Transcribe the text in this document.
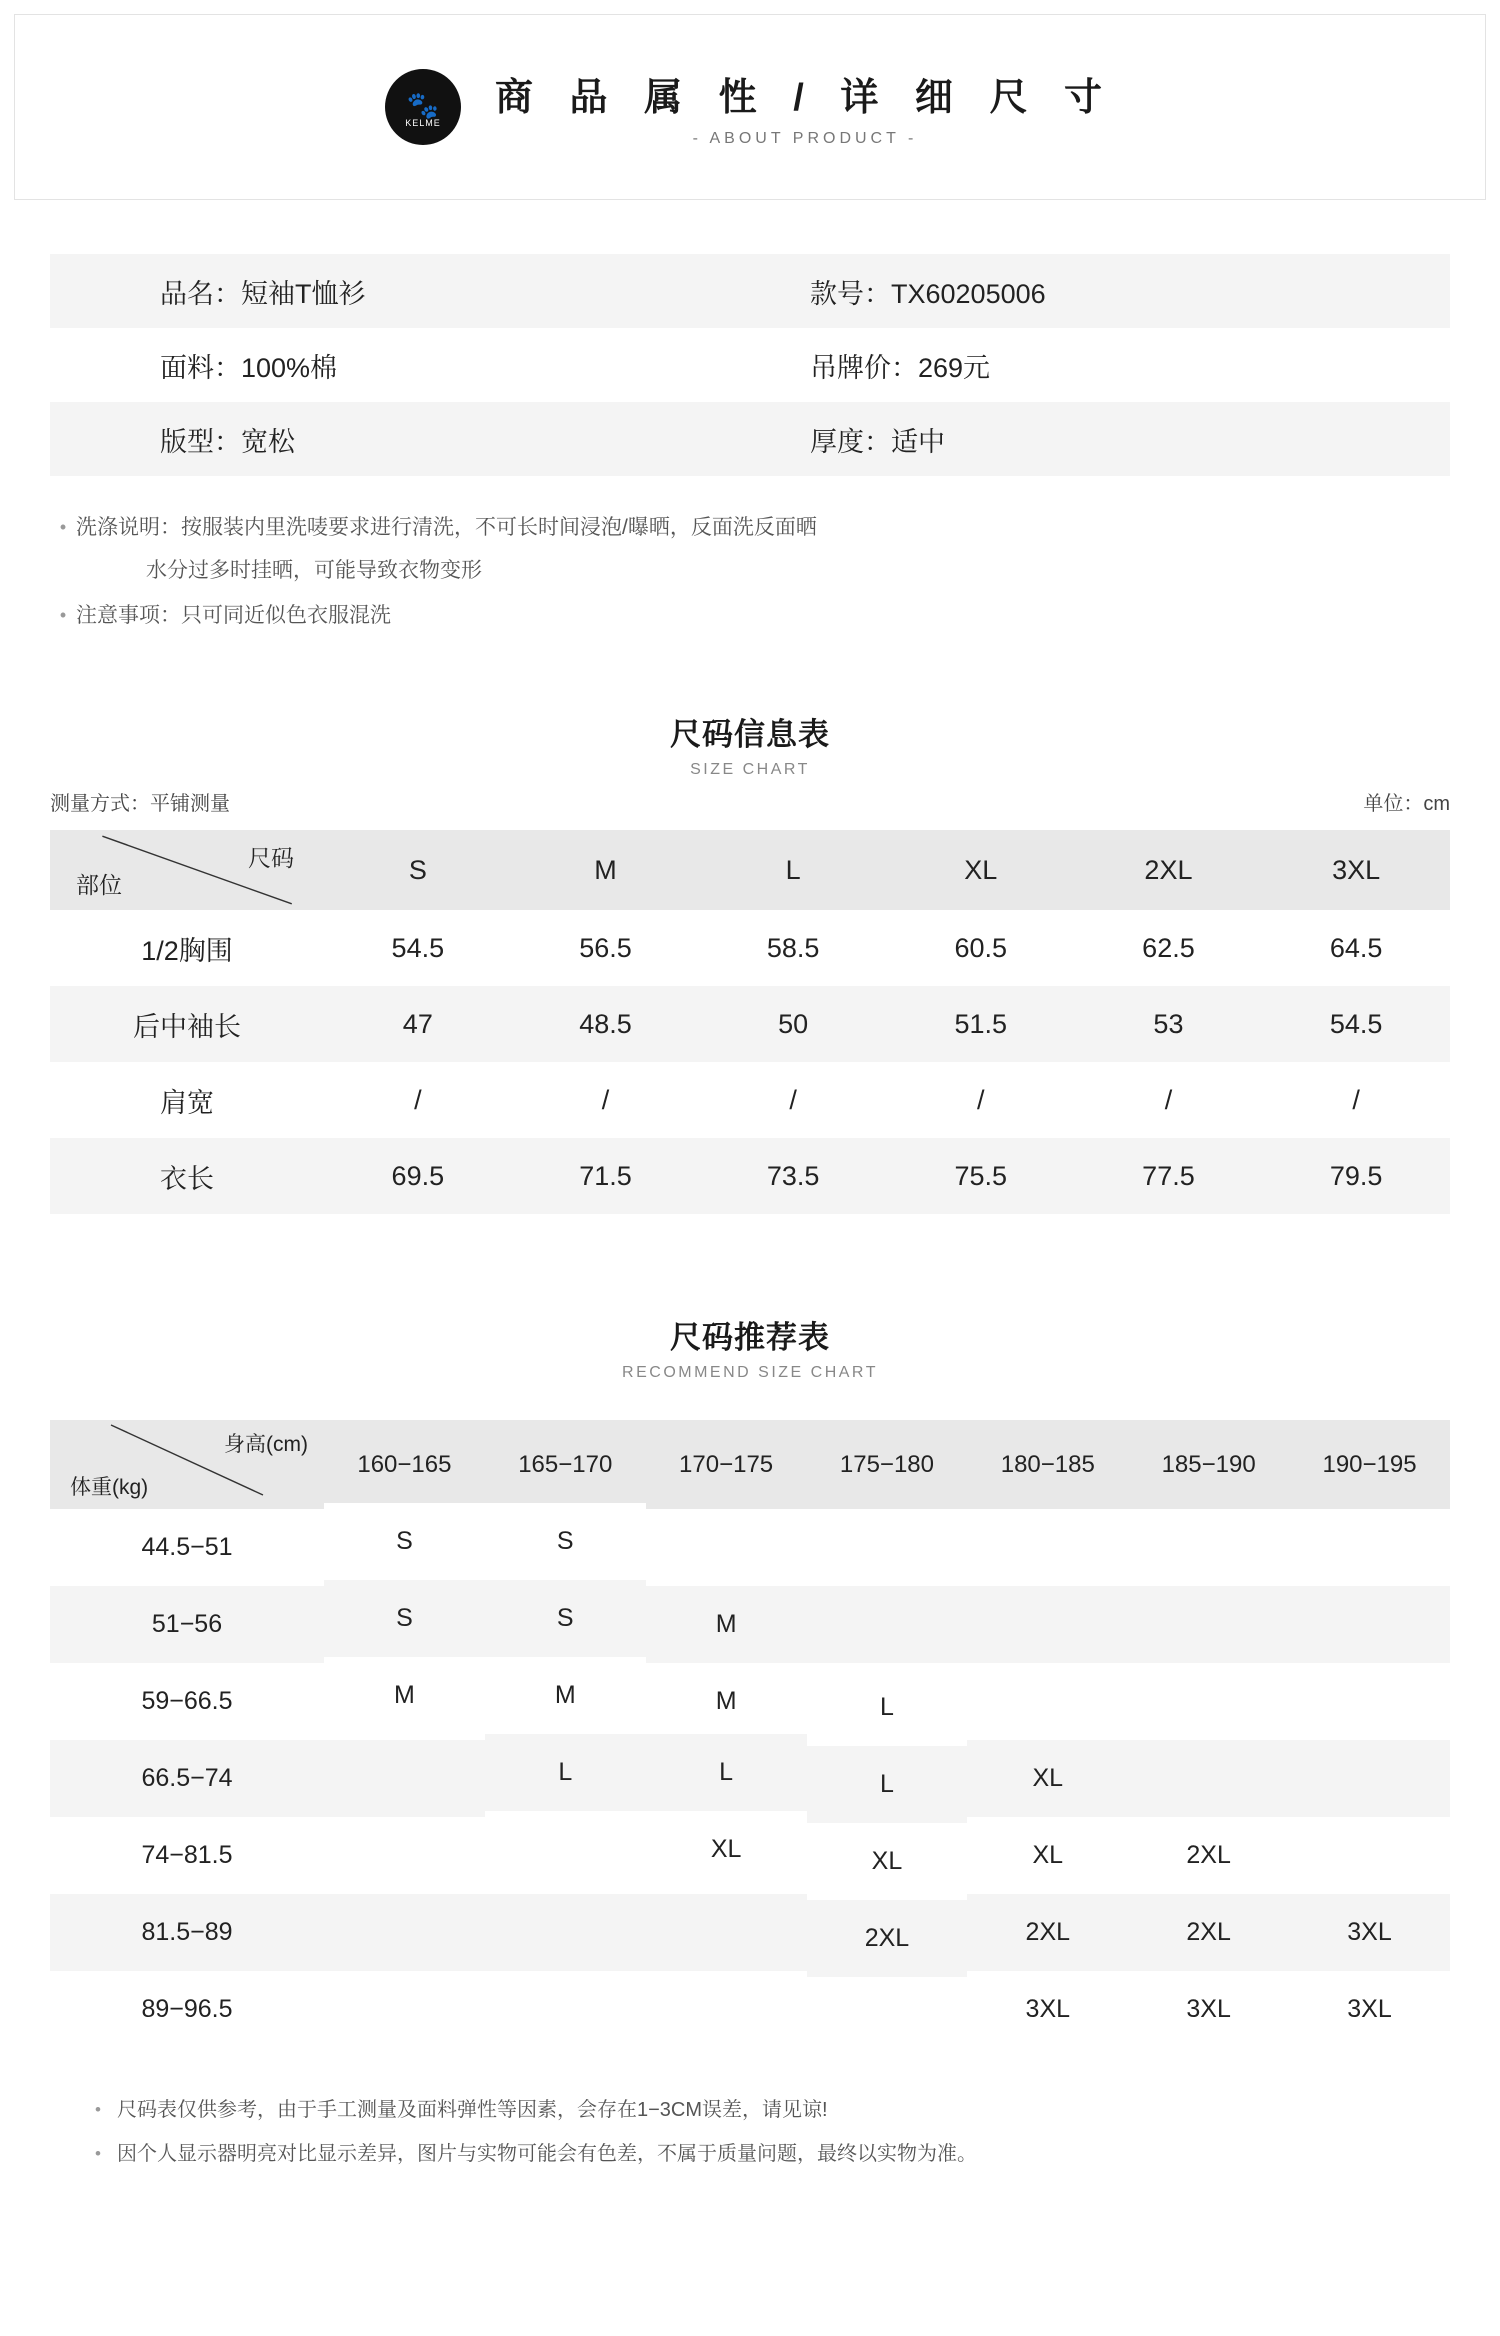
🐾
KELME
商 品 属 性 / 详 细 尺 寸
- ABOUT PRODUCT -
品名：短袖T恤衫	款号：TX60205006
面料：100%棉	吊牌价：269元
版型：宽松	厚度：适中
• 洗涤说明： 按服装内里洗唛要求进行清洗，不可长时间浸泡/曝晒，反面洗反面晒
水分过多时挂晒，可能导致衣物变形
• 注意事项： 只可同近似色衣服混洗
尺码信息表
SIZE CHART
测量方式：平铺测量	单位：cm
部位
尺码	S	M	L	XL	2XL	3XL
1/2胸围	54.5	56.5	58.5	60.5	62.5	64.5
后中袖长	47	48.5	50	51.5	53	54.5
肩宽	/	/	/	/	/	/
衣长	69.5	71.5	73.5	75.5	77.5	79.5
尺码推荐表
RECOMMEND SIZE CHART
体重(kg)
身高(cm)	160−165	165−170	170−175	175−180	180−185	185−190	190−195
44.5−51	S	S					
51−56	S	S	M				
59−66.5	M	M	M	L			
66.5−74		L	L	L	XL		
74−81.5			XL	XL	XL	2XL	
81.5−89				2XL	2XL	2XL	3XL
89−96.5					3XL	3XL	3XL
• 尺码表仅供参考，由于手工测量及面料弹性等因素，会存在1−3CM误差，请见谅!
• 因个人显示器明亮对比显示差异，图片与实物可能会有色差，不属于质量问题，最终以实物为准。
